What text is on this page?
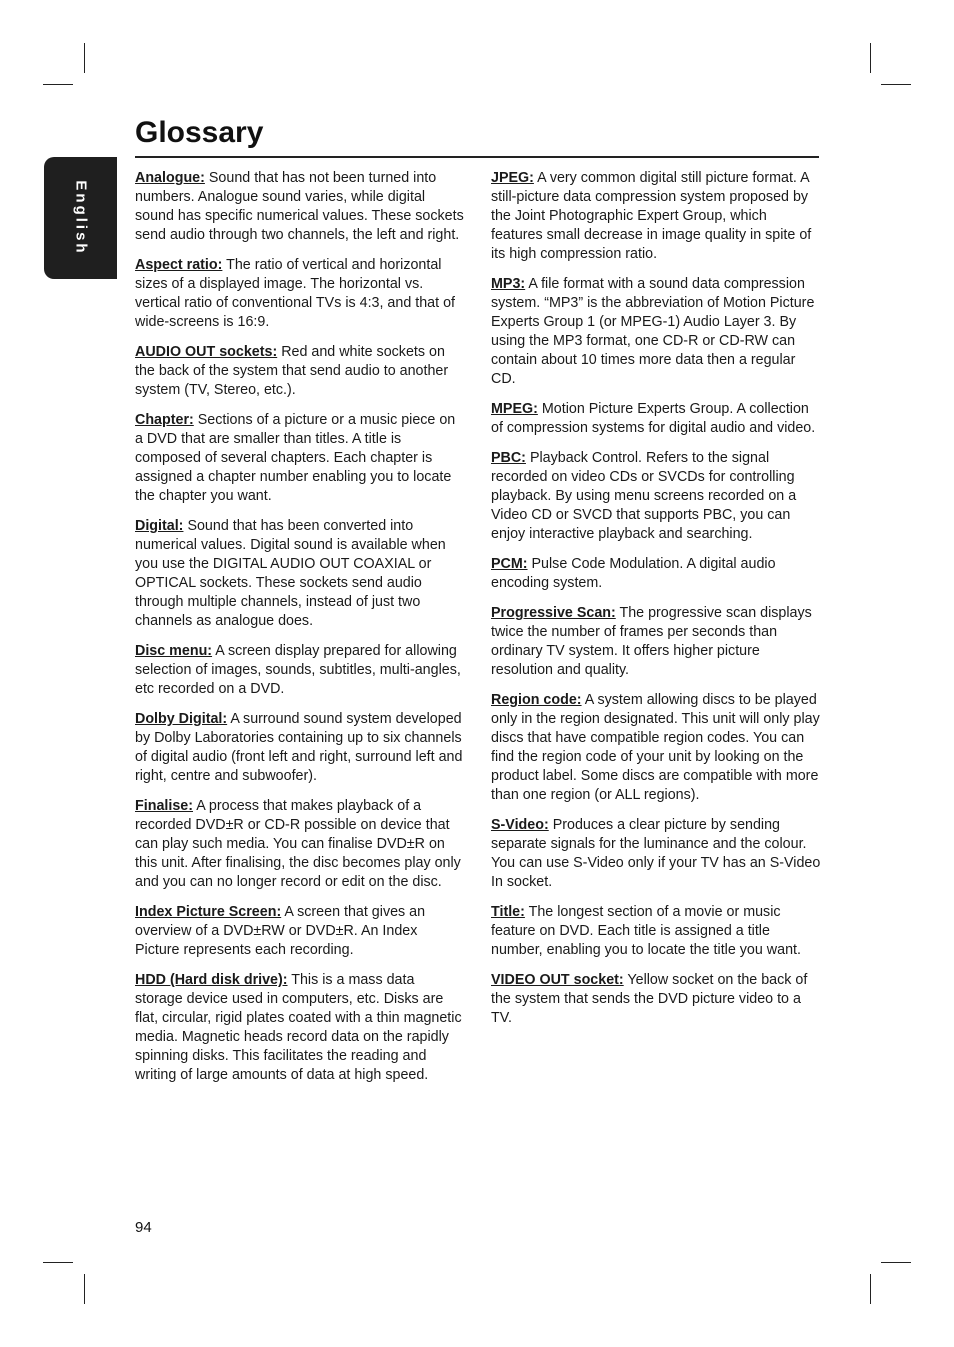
English
Glossary

Analogue: Sound that has not been turned into numbers. Analogue sound varies, while digital sound has specific numerical values. These sockets send audio through two channels, the left and right.

Aspect ratio: The ratio of vertical and horizontal sizes of a displayed image. The horizontal vs. vertical ratio of conventional TVs is 4:3, and that of wide-screens is 16:9.

AUDIO OUT sockets: Red and white sockets on the back of the system that send audio to another system (TV, Stereo, etc.).

Chapter: Sections of a picture or a music piece on a DVD that are smaller than titles. A title is composed of several chapters. Each chapter is assigned a chapter number enabling you to locate the chapter you want.

Digital: Sound that has been converted into numerical values. Digital sound is available when you use the DIGITAL AUDIO OUT COAXIAL or OPTICAL sockets. These sockets send audio through multiple channels, instead of just two channels as analogue does.

Disc menu: A screen display prepared for allowing selection of images, sounds, subtitles, multi-angles, etc recorded on a DVD.

Dolby Digital: A surround sound system developed by Dolby Laboratories containing up to six channels of digital audio (front left and right, surround left and right, centre and subwoofer).

Finalise: A process that makes playback of a recorded DVD±R or CD-R possible on device that can play such media. You can finalise DVD±R on this unit. After finalising, the disc becomes play only and you can no longer record or edit on the disc.

Index Picture Screen: A screen that gives an overview of a DVD±RW or DVD±R. An Index Picture represents each recording.

HDD (Hard disk drive): This is a mass data storage device used in computers, etc. Disks are flat, circular, rigid plates coated with a thin magnetic media. Magnetic heads record data on the rapidly spinning disks. This facilitates the reading and writing of large amounts of data at high speed.

JPEG: A very common digital still picture format. A still-picture data compression system proposed by the Joint Photographic Expert Group, which features small decrease in image quality in spite of its high compression ratio.

MP3: A file format with a sound data compression system. “MP3” is the abbreviation of Motion Picture Experts Group 1 (or MPEG-1) Audio Layer 3. By using the MP3 format, one CD-R or CD-RW can contain about 10 times more data then a regular CD.

MPEG: Motion Picture Experts Group. A collection of compression systems for digital audio and video.

PBC: Playback Control. Refers to the signal recorded on video CDs or SVCDs for controlling playback. By using menu screens recorded on a Video CD or SVCD that supports PBC, you can enjoy interactive playback and searching.

PCM: Pulse Code Modulation. A digital audio encoding system.

Progressive Scan: The progressive scan displays twice the number of frames per seconds than ordinary TV system. It offers higher picture resolution and quality.

Region code: A system allowing discs to be played only in the region designated. This unit will only play discs that have compatible region codes. You can find the region code of your unit by looking on the product label. Some discs are compatible with more than one region (or ALL regions).

S-Video: Produces a clear picture by sending separate signals for the luminance and the colour. You can use S-Video only if your TV has an S-Video In socket.

Title: The longest section of a movie or music feature on DVD. Each title is assigned a title number, enabling you to locate the title you want.

VIDEO OUT socket: Yellow socket on the back of the system that sends the DVD picture video to a TV.

94
